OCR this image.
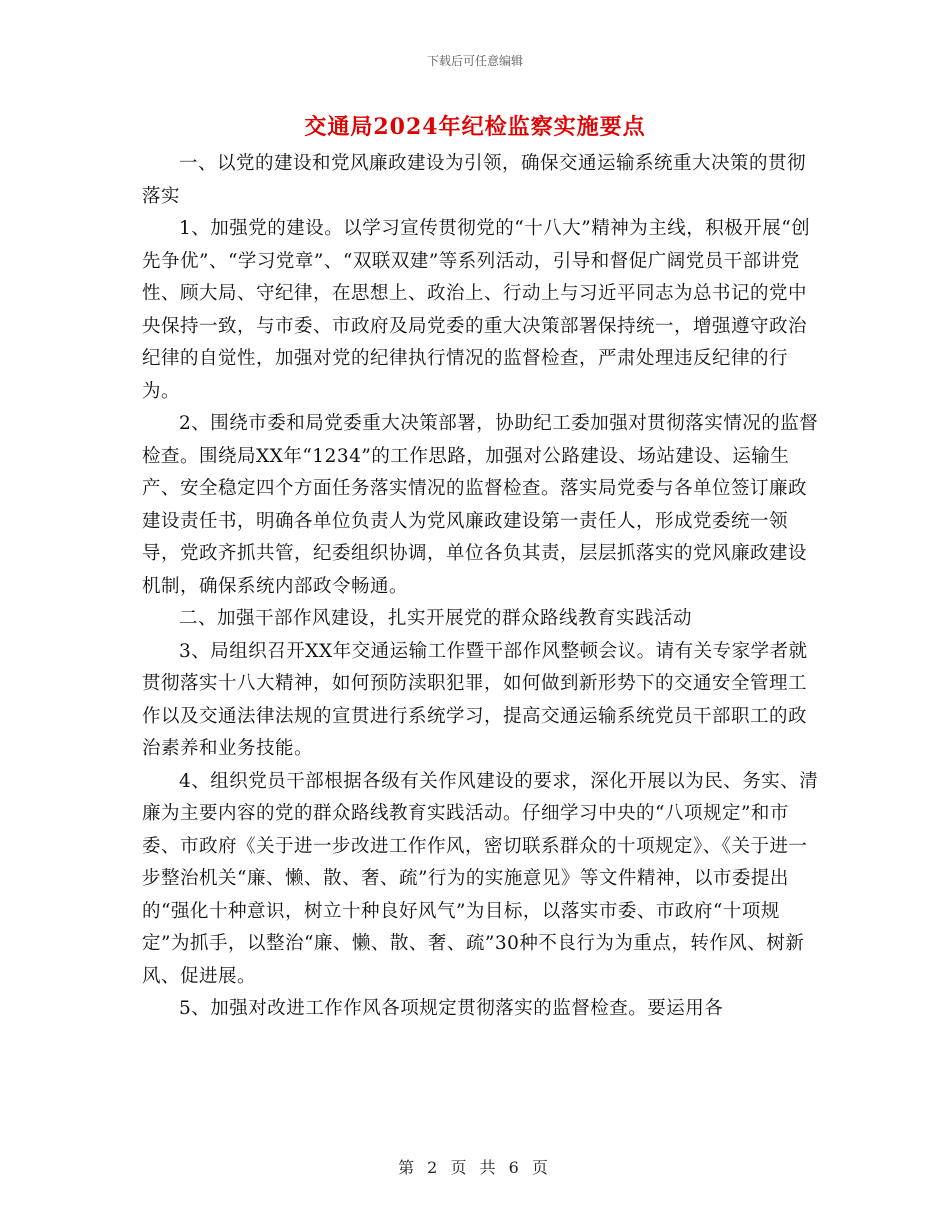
下载后可任意编辑
交通局2024年纪检监察实施要点

一、以党的建设和党风廉政建设为引领，确保交通运输系统重大决策的贯彻落实

1、加强党的建设。以学习宣传贯彻党的“十八大”精神为主线，积极开展“创先争优”、“学习党章”、“双联双建”等系列活动，引导和督促广阔党员干部讲党性、顾大局、守纪律，在思想上、政治上、行动上与习近平同志为总书记的党中央保持一致，与市委、市政府及局党委的重大决策部署保持统一，增强遵守政治纪律的自觉性，加强对党的纪律执行情况的监督检查，严肃处理违反纪律的行为。

2、围绕市委和局党委重大决策部署，协助纪工委加强对贯彻落实情况的监督检查。围绕局XX年“1234”的工作思路，加强对公路建设、场站建设、运输生产、安全稳定四个方面任务落实情况的监督检查。落实局党委与各单位签订廉政建设责任书，明确各单位负责人为党风廉政建设第一责任人，形成党委统一领导，党政齐抓共管，纪委组织协调，单位各负其责，层层抓落实的党风廉政建设机制，确保系统内部政令畅通。

二、加强干部作风建设，扎实开展党的群众路线教育实践活动

3、局组织召开XX年交通运输工作暨干部作风整顿会议。请有关专家学者就贯彻落实十八大精神，如何预防渎职犯罪，如何做到新形势下的交通安全管理工作以及交通法律法规的宣贯进行系统学习，提高交通运输系统党员干部职工的政治素养和业务技能。

4、组织党员干部根据各级有关作风建设的要求，深化开展以为民、务实、清廉为主要内容的党的群众路线教育实践活动。仔细学习中央的“八项规定”和市委、市政府《关于进一步改进工作作风，密切联系群众的十项规定》、《关于进一步整治机关“廉、懒、散、奢、疏”行为的实施意见》等文件精神，以市委提出的“强化十种意识，树立十种良好风气”为目标，以落实市委、市政府“十项规定”为抓手，以整治“廉、懒、散、奢、疏”30种不良行为为重点，转作风、树新风、促进展。

5、加强对改进工作作风各项规定贯彻落实的监督检查。要运用各

第 2 页 共 6 页
